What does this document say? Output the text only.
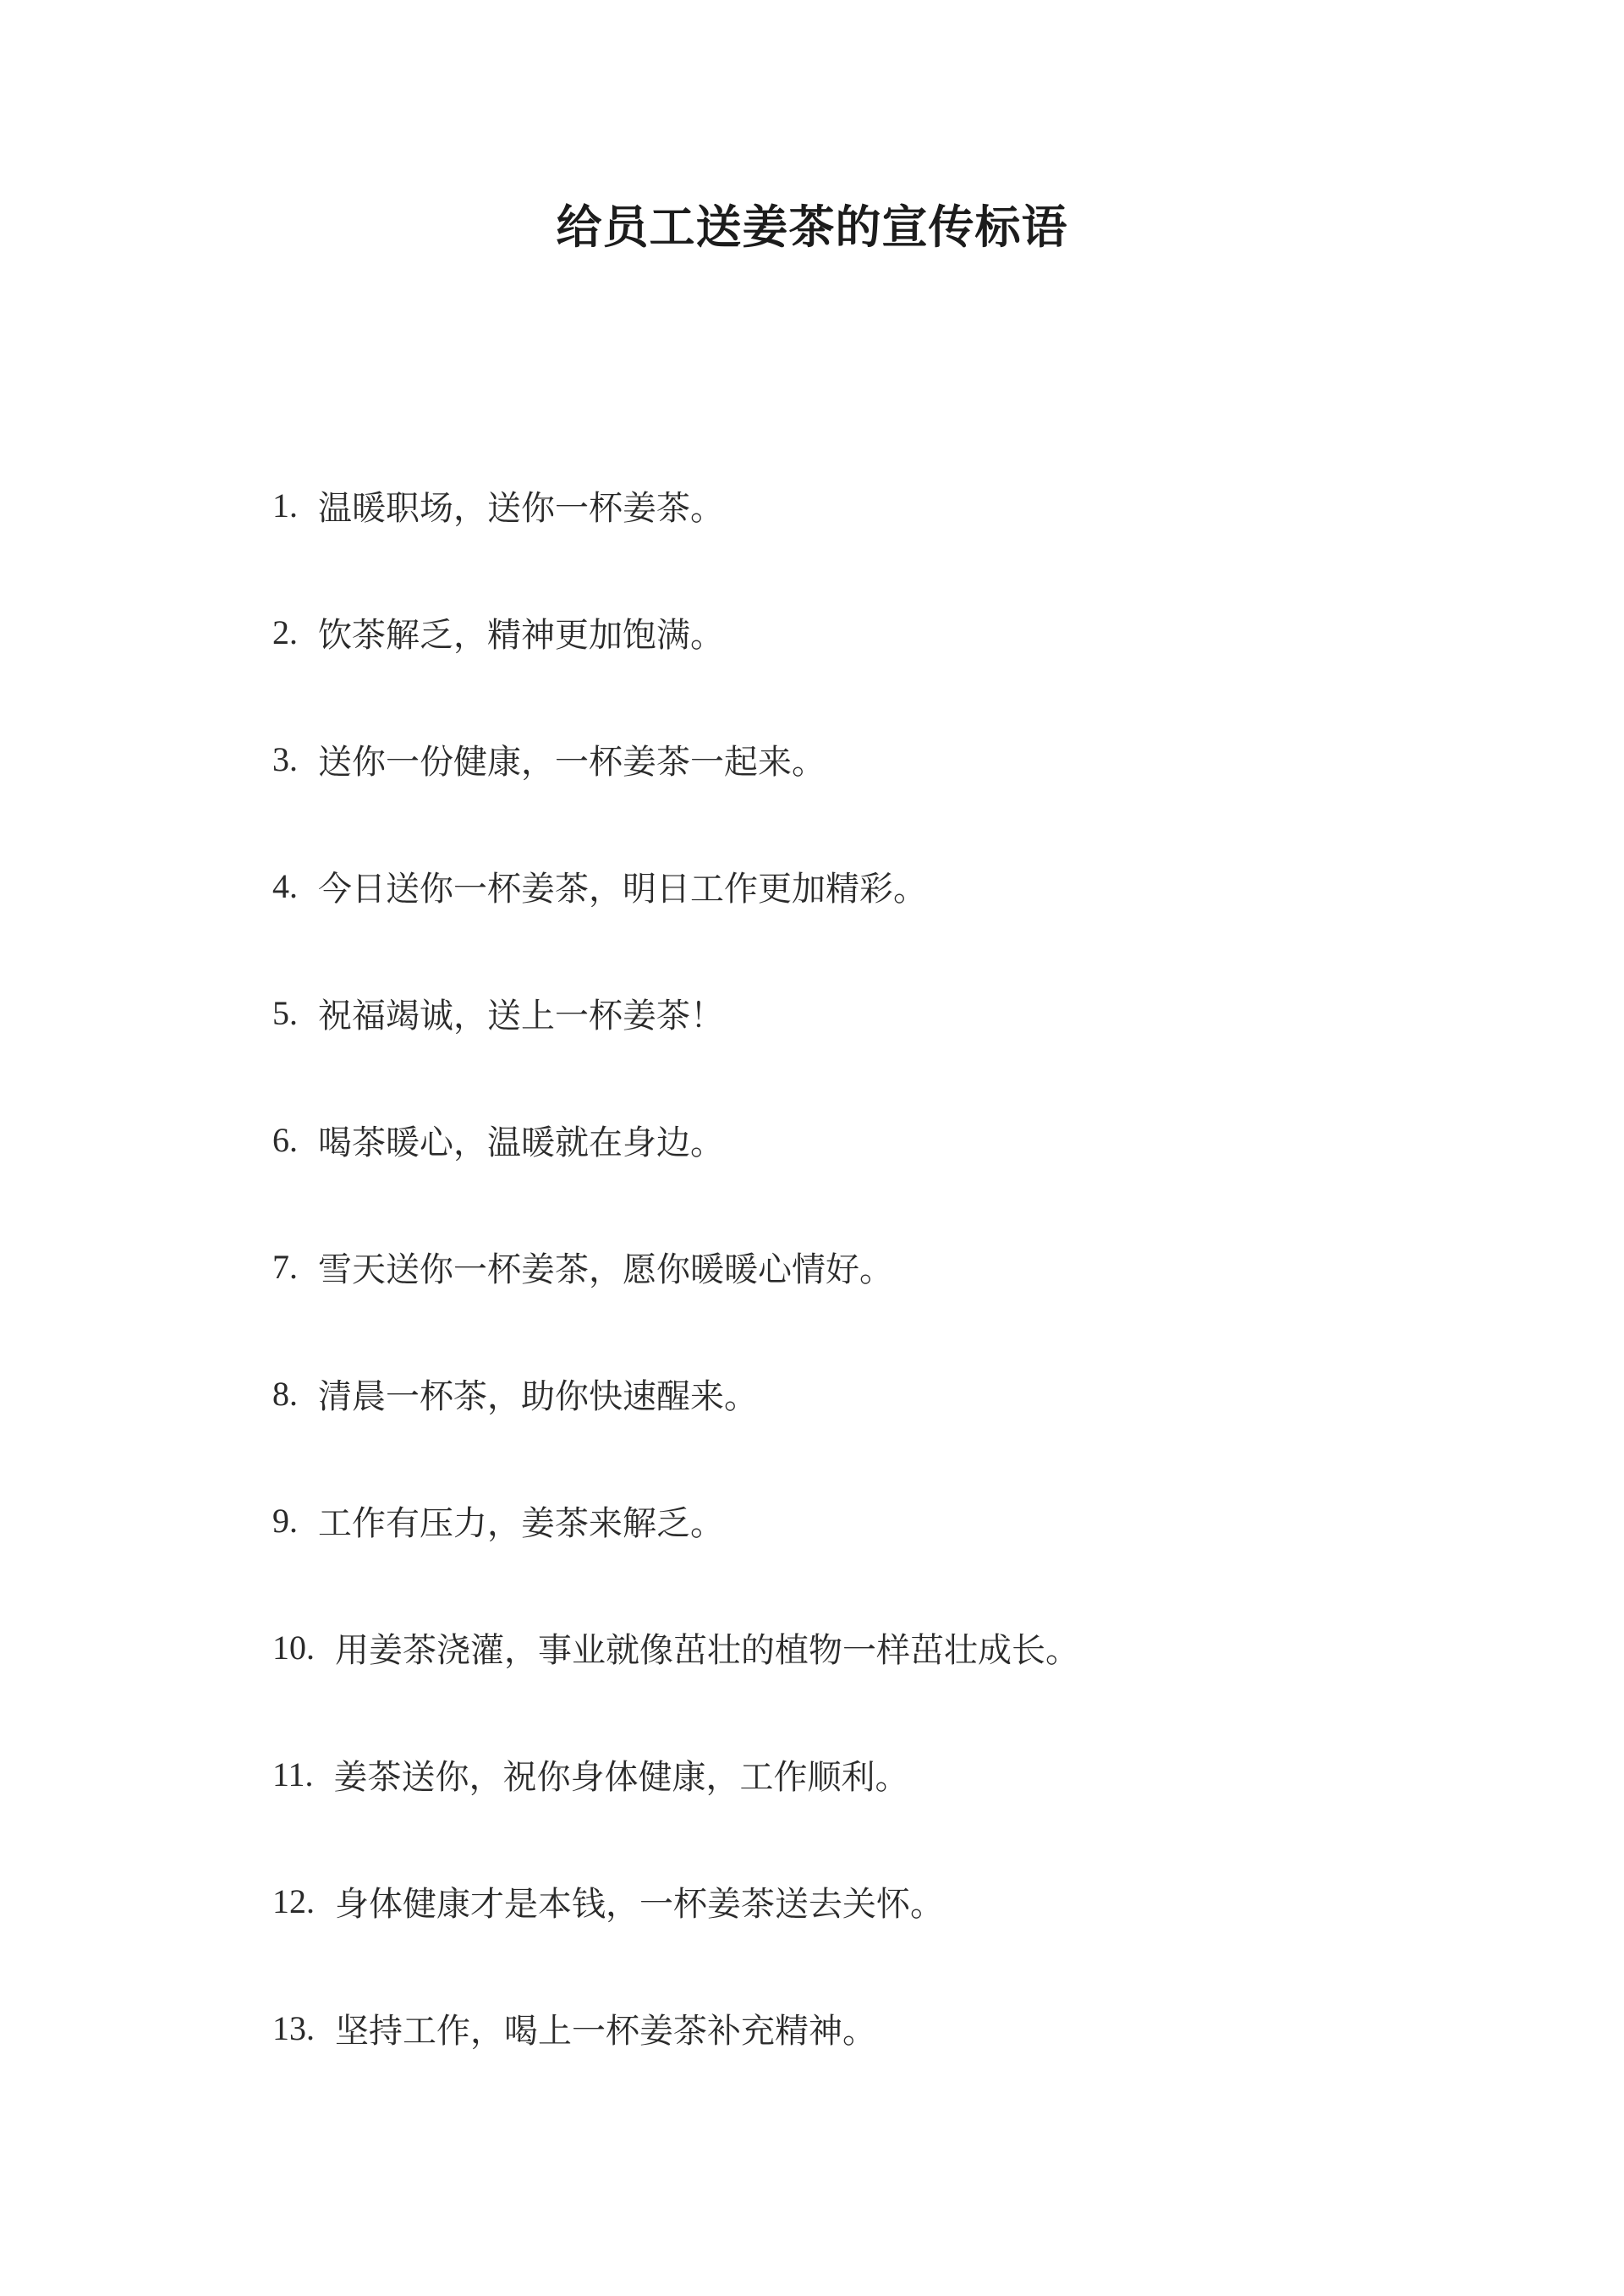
给员工送姜茶的宣传标语
1. 温暖职场，送你一杯姜茶。
2. 饮茶解乏，精神更加饱满。
3. 送你一份健康，一杯姜茶一起来。
4. 今日送你一杯姜茶，明日工作更加精彩。
5. 祝福竭诚，送上一杯姜茶！
6. 喝茶暖心，温暖就在身边。
7. 雪天送你一杯姜茶，愿你暖暖心情好。
8. 清晨一杯茶，助你快速醒来。
9. 工作有压力，姜茶来解乏。
10. 用姜茶浇灌，事业就像茁壮的植物一样茁壮成长。
11. 姜茶送你，祝你身体健康，工作顺利。
12. 身体健康才是本钱，一杯姜茶送去关怀。
13. 坚持工作，喝上一杯姜茶补充精神。
